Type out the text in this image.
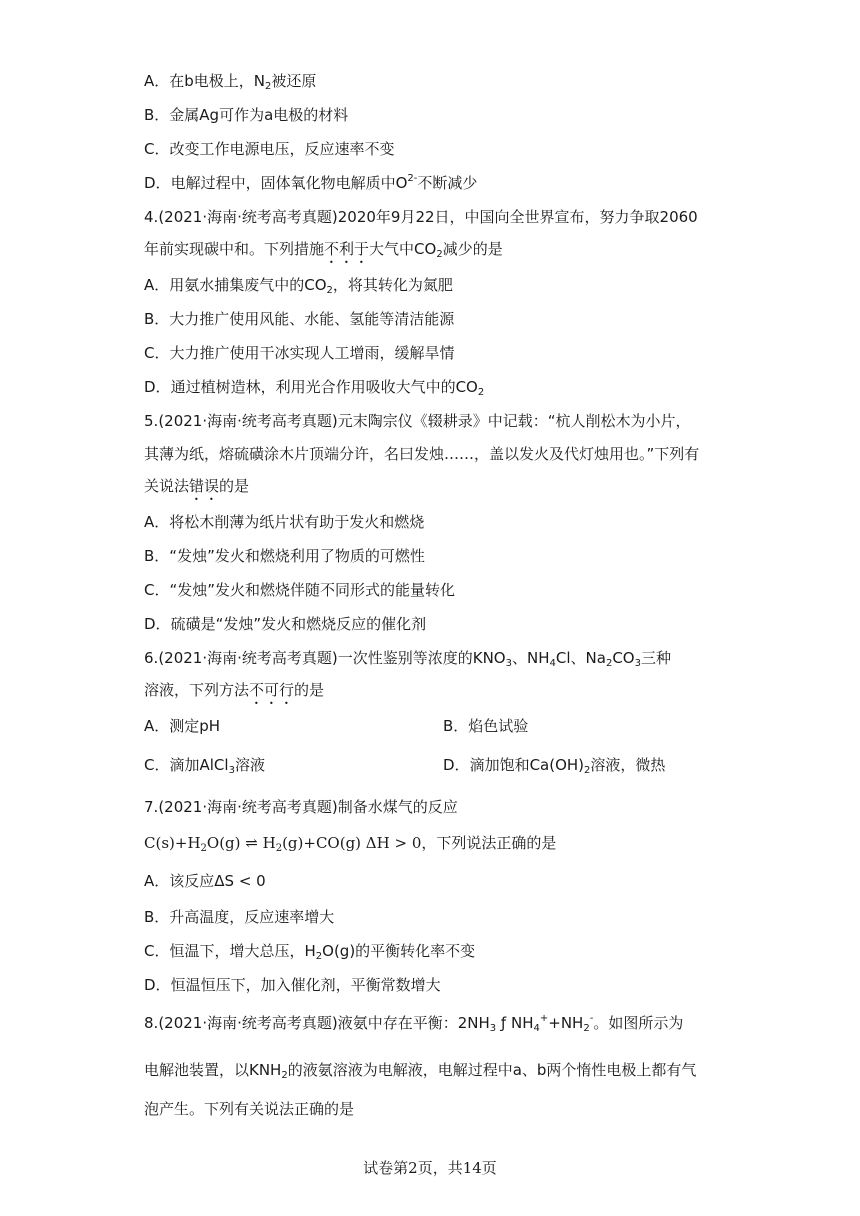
A．在b电极上，$N_2$被还原
B．金属Ag可作为a电极的材料
C．改变工作电源电压，反应速率不变
D．电解过程中，固体氧化物电解质中$O^{2-}$不断减少
4.(2021·海南·统考高考真题)2020年9月22日，中国向全世界宣布，努力争取2060
年前实现碳中和。下列措施不利于大气中$CO_2$减少的是
A．用氨水捕集废气中的$CO_2$，将其转化为氮肥
B．大力推广使用风能、水能、氢能等清洁能源
C．大力推广使用干冰实现人工增雨，缓解旱情
D．通过植树造林，利用光合作用吸收大气中的$CO_2$
5.(2021·海南·统考高考真题)元末陶宗仪《辍耕录》中记载：“杭人削松木为小片，
其薄为纸，熔硫磺涂木片顶端分许，名曰发烛……，盖以发火及代灯烛用也。”下列有
关说法错误的是
A．将松木削薄为纸片状有助于发火和燃烧
B．“发烛”发火和燃烧利用了物质的可燃性
C．“发烛”发火和燃烧伴随不同形式的能量转化
D．硫磺是“发烛”发火和燃烧反应的催化剂
6.(2021·海南·统考高考真题)一次性鉴别等浓度的$KNO_3$、$NH_4Cl$、$Na_2CO_3$三种
溶液，下列方法不可行的是
A．测定pH	B．焰色试验
C．滴加AlCl$_3$溶液	D．滴加饱和$Ca(OH)_2$溶液，微热
7.(2021·海南·统考高考真题)制备水煤气的反应
$C(s)+H_2O(g)$ ⇌ $H_2(g)+CO(g) \Delta H > 0$，下列说法正确的是
A．该反应ΔS < 0
B．升高温度，反应速率增大
C．恒温下，增大总压，$H_2O(g)$的平衡转化率不变
D．恒温恒压下，加入催化剂，平衡常数增大
8.(2021·海南·统考高考真题)液氨中存在平衡：$2NH_3$ ƒ $NH_4^++NH_2^-$。如图所示为
电解池装置，以$KNH_2$的液氨溶液为电解液，电解过程中a、b两个惰性电极上都有气
泡产生。下列有关说法正确的是
试卷第2页，共14页
